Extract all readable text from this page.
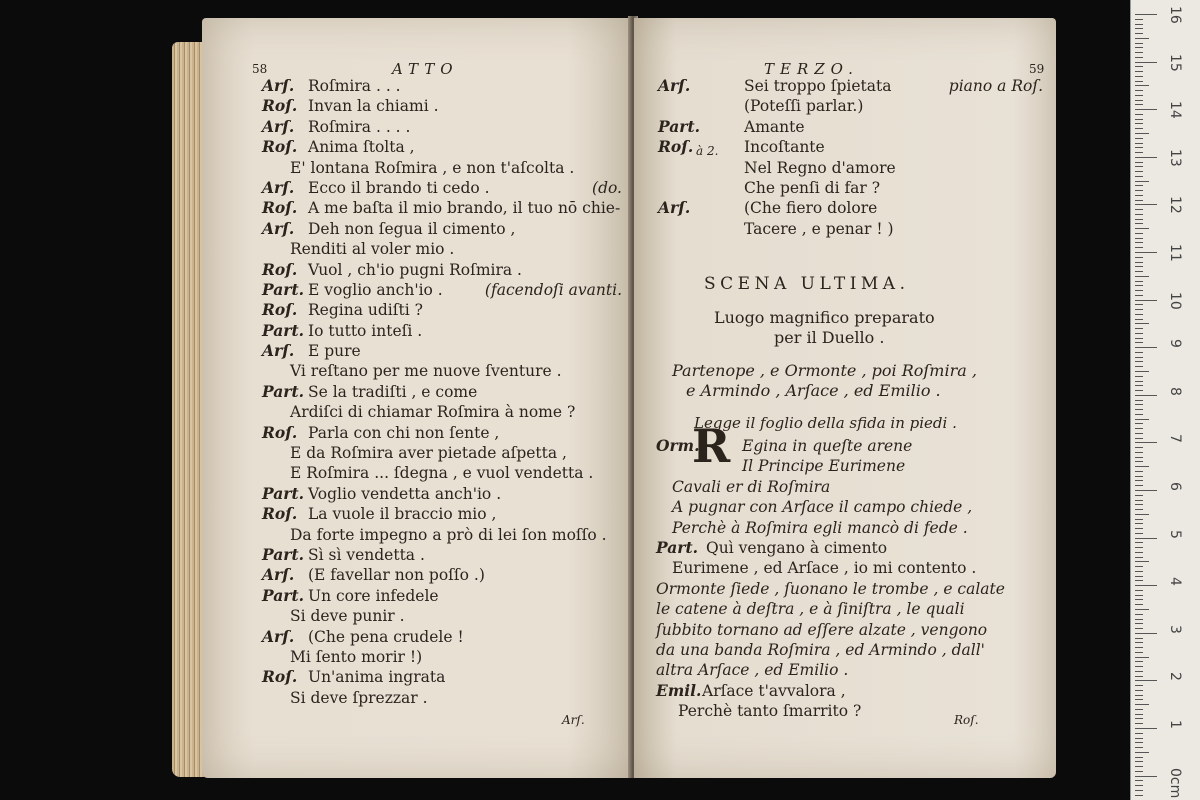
58	ATTO
Arſ. Roſmira . . .
Roſ. Invan la chiami .
Arſ. Roſmira . . . .
Roſ. Anima ſtolta ,
E' lontana Roſmira , e non t'aſcolta .
Arſ. Ecco il brando ti cedo .	(do.
Roſ. A me baſta il mio brando, il tuo nō chie-
Arſ. Deh non ſegua il cimento ,
Renditi al voler mio .
Roſ. Vuol , ch'io pugni Roſmira .
Part. E voglio anch'io .	(facendoſi avanti.
Roſ. Regina udiſti ?
Part. Io tutto inteſi .
Arſ. E pure
Vi reſtano per me nuove ſventure .
Part. Se la tradiſti , e come
Ardiſci di chiamar Roſmira à nome ?
Roſ. Parla con chi non ſente ,
E da Roſmira aver pietade aſpetta ,
E Roſmira ... ſdegna , e vuol vendetta .
Part. Voglio vendetta anch'io .
Roſ. La vuole il braccio mio ,
Da forte impegno a prò di lei ſon moſſo .
Part. Sì sì vendetta .
Arſ. (E favellar non poſſo .)
Part. Un core infedele
Si deve punir .
Arſ. (Che pena crudele !
Mi ſento morir !)
Roſ. Un'anima ingrata
Si deve ſprezzar .
Arſ.
TERZO.	59
Arſ.	Sei troppo ſpietata	piano a Roſ.
(Poteſſi parlar.)
Part.	Amante
Roſ.	Incoſtante
Nel Regno d'amore
Che penſi di far ?
Arſ.	(Che fiero dolore
Tacere , e penar ! )
à 2.
SCENA ULTIMA.
Luogo magnifico preparato
per il Duello .
Partenope , e Ormonte , poi Roſmira ,
e Armindo , Arſace , ed Emilio .
Legge il foglio della sfida in piedi .
Orm.	Egina in queſte arene
Il Principe Eurimene
Cavali er di Roſmira
A pugnar con Arſace il campo chiede ,
Perchè à Roſmira egli mancò di fede .
Part. Quì vengano à cimento
Eurimene , ed Arſace , io mi contento .
Ormonte ſiede , ſuonano le trombe , e calate
le catene à deſtra , e à ſiniſtra , le quali
ſubbito tornano ad eſſere alzate , vengono
da una banda Roſmira , ed Armindo , dall'
altra Arſace , ed Emilio .
Emil. Arſace t'avvalora ,
Perchè tanto ſmarrito ?
R
Roſ.
16
15
14
13
12
11
10
9
8
7
6
5
4
3
2
1
0cm
